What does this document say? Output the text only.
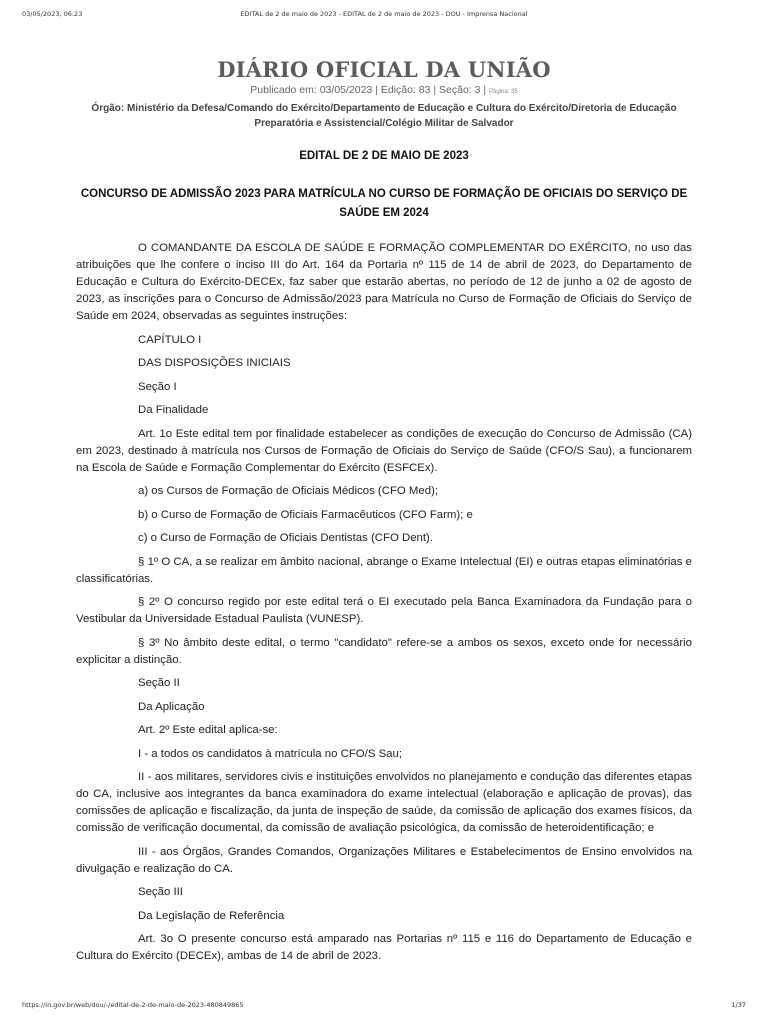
03/05/2023, 06:23	EDITAL de 2 de maio de 2023 - EDITAL de 2 de maio de 2023 - DOU - Imprensa Nacional
DIÁRIO OFICIAL DA UNIÃO
Publicado em: 03/05/2023 | Edição: 83 | Seção: 3 | Página: 35
Órgão: Ministério da Defesa/Comando do Exército/Departamento de Educação e Cultura do Exército/Diretoria de Educação Preparatória e Assistencial/Colégio Militar de Salvador
EDITAL DE 2 DE MAIO DE 2023
CONCURSO DE ADMISSÃO 2023 PARA MATRÍCULA NO CURSO DE FORMAÇÃO DE OFICIAIS DO SERVIÇO DE SAÚDE EM 2024

O COMANDANTE DA ESCOLA DE SAÚDE E FORMAÇÃO COMPLEMENTAR DO EXÉRCITO, no uso das atribuições que lhe confere o inciso III do Art. 164 da Portaria nº 115 de 14 de abril de 2023, do Departamento de Educação e Cultura do Exército-DECEx, faz saber que estarão abertas, no período de 12 de junho a 02 de agosto de 2023, as inscrições para o Concurso de Admissão/2023 para Matrícula no Curso de Formação de Oficiais do Serviço de Saúde em 2024, observadas as seguintes instruções:

CAPÍTULO I

DAS DISPOSIÇÕES INICIAIS

Seção I

Da Finalidade

Art. 1o Este edital tem por finalidade estabelecer as condições de execução do Concurso de Admissão (CA) em 2023, destinado à matrícula nos Cursos de Formação de Oficiais do Serviço de Saúde (CFO/S Sau), a funcionarem na Escola de Saúde e Formação Complementar do Exército (ESFCEx).

a) os Cursos de Formação de Oficiais Médicos (CFO Med);

b) o Curso de Formação de Oficiais Farmacêuticos (CFO Farm); e

c) o Curso de Formação de Oficiais Dentistas (CFO Dent).

§ 1º O CA, a se realizar em âmbito nacional, abrange o Exame Intelectual (EI) e outras etapas eliminatórias e classificatórias.

§ 2º O concurso regido por este edital terá o EI executado pela Banca Examinadora da Fundação para o Vestibular da Universidade Estadual Paulista (VUNESP).

§ 3º No âmbito deste edital, o termo "candidato" refere-se a ambos os sexos, exceto onde for necessário explicitar a distinção.

Seção II

Da Aplicação

Art. 2º Este edital aplica-se:

I - a todos os candidatos à matrícula no CFO/S Sau;

II - aos militares, servidores civis e instituições envolvidos no planejamento e condução das diferentes etapas do CA, inclusive aos integrantes da banca examinadora do exame intelectual (elaboração e aplicação de provas), das comissões de aplicação e fiscalização, da junta de inspeção de saúde, da comissão de aplicação dos exames físicos, da comissão de verificação documental, da comissão de avaliação psicológica, da comissão de heteroidentificação; e

III - aos Órgãos, Grandes Comandos, Organizações Militares e Estabelecimentos de Ensino envolvidos na divulgação e realização do CA.

Seção III

Da Legislação de Referência

Art. 3o O presente concurso está amparado nas Portarias nº 115 e 116 do Departamento de Educação e Cultura do Exército (DECEx), ambas de 14 de abril de 2023.

https://in.gov.br/web/dou/-/edital-de-2-de-maio-de-2023-480849865	1/37
